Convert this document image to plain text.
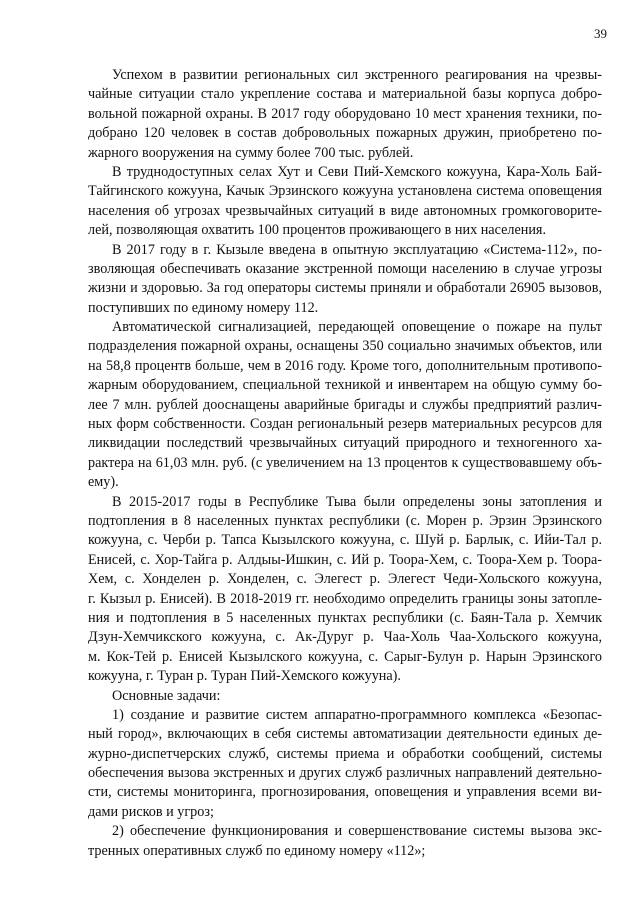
39
Успехом в развитии региональных сил экстренного реагирования на чрезвы-
чайные ситуации стало укрепление состава и материальной базы корпуса добро-
вольной пожарной охраны. В 2017 году оборудовано 10 мест хранения техники, по-
добрано 120 человек в состав добровольных пожарных дружин, приобретено по-
жарного вооружения на сумму более 700 тыс. рублей.
В труднодоступных селах Хут и Севи Пий-Хемского кожууна, Кара-Холь Бай-
Тайгинского кожууна, Качык Эрзинского кожууна установлена система оповещения
населения об угрозах чрезвычайных ситуаций в виде автономных громкоговорите-
лей, позволяющая охватить 100 процентов проживающего в них населения.
В 2017 году в г. Кызыле введена в опытную эксплуатацию «Система-112», по-
зволяющая обеспечивать оказание экстренной помощи населению в случае угрозы
жизни и здоровью. За год операторы системы приняли и обработали 26905 вызовов,
поступивших по единому номеру 112.
Автоматической сигнализацией, передающей оповещение о пожаре на пульт
подразделения пожарной охраны, оснащены 350 социально значимых объектов, или
на 58,8 процентв больше, чем в 2016 году. Кроме того, дополнительным противопо-
жарным оборудованием, специальной техникой и инвентарем на общую сумму бо-
лее 7 млн. рублей дооснащены аварийные бригады и службы предприятий различ-
ных форм собственности. Создан региональный резерв материальных ресурсов для
ликвидации последствий чрезвычайных ситуаций природного и техногенного ха-
рактера на 61,03 млн. руб. (с увеличением на 13 процентов к существовавшему объ-
ему).
В 2015-2017 годы в Республике Тыва были определены зоны затопления и
подтопления в 8 населенных пунктах республики (с. Морен р. Эрзин Эрзинского
кожууна, с. Черби р. Тапса Кызылского кожууна, с. Шуй р. Барлык, с. Ийи-Тал р.
Енисей, с. Хор-Тайга р. Алдыы-Ишкин, с. Ий р. Тоора-Хем, с. Тоора-Хем р. Тоора-
Хем, с. Хонделен р. Хонделен, с. Элегест р. Элегест Чеди-Хольского кожууна,
г. Кызыл р. Енисей). В 2018-2019 гг. необходимо определить границы зоны затопле-
ния и подтопления в 5 населенных пунктах республики (с. Баян-Тала р. Хемчик
Дзун-Хемчикского кожууна, с. Ак-Дуруг р. Чаа-Холь Чаа-Хольского кожууна,
м. Кок-Тей р. Енисей Кызылского кожууна, с. Сарыг-Булун р. Нарын Эрзинского
кожууна, г. Туран р. Туран Пий-Хемского кожууна).
Основные задачи:
1) создание и развитие систем аппаратно-программного комплекса «Безопас-
ный город», включающих в себя системы автоматизации деятельности единых де-
журно-диспетчерских служб, системы приема и обработки сообщений, системы
обеспечения вызова экстренных и других служб различных направлений деятельно-
сти, системы мониторинга, прогнозирования, оповещения и управления всеми ви-
дами рисков и угроз;
2) обеспечение функционирования и совершенствование системы вызова экс-
тренных оперативных служб по единому номеру «112»;
